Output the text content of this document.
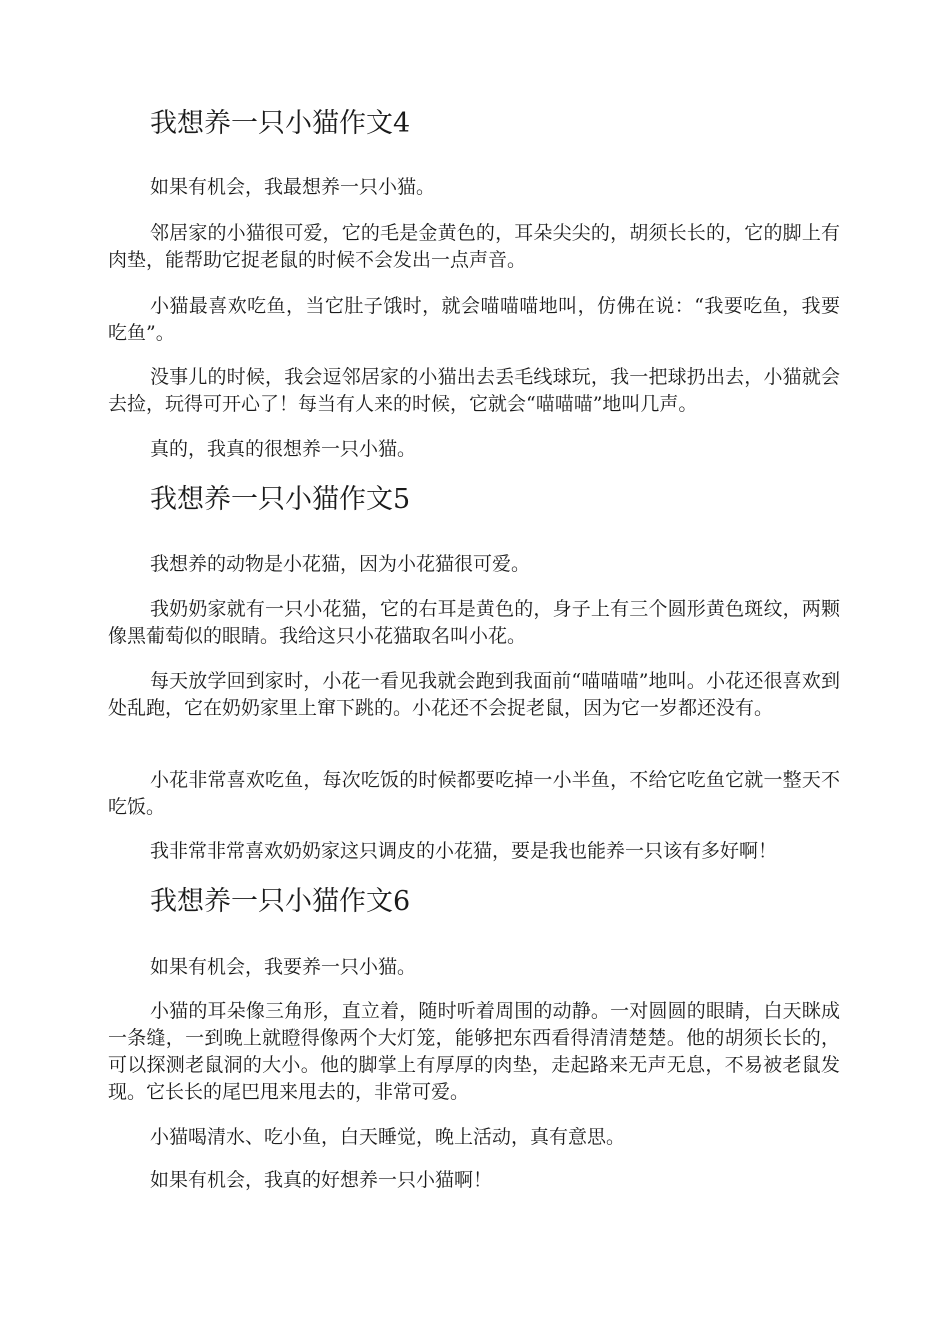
我想养一只小猫作文4

如果有机会，我最想养一只小猫。

邻居家的小猫很可爱，它的毛是金黄色的，耳朵尖尖的，胡须长长的，它的脚上有肉垫，能帮助它捉老鼠的时候不会发出一点声音。

小猫最喜欢吃鱼，当它肚子饿时，就会喵喵喵地叫，仿佛在说：“我要吃鱼，我要吃鱼”。

没事儿的时候，我会逗邻居家的小猫出去丢毛线球玩，我一把球扔出去，小猫就会去捡，玩得可开心了！每当有人来的时候，它就会“喵喵喵”地叫几声。

真的，我真的很想养一只小猫。

我想养一只小猫作文5

我想养的动物是小花猫，因为小花猫很可爱。

我奶奶家就有一只小花猫，它的右耳是黄色的，身子上有三个圆形黄色斑纹，两颗像黑葡萄似的眼睛。我给这只小花猫取名叫小花。

每天放学回到家时，小花一看见我就会跑到我面前“喵喵喵”地叫。小花还很喜欢到处乱跑，它在奶奶家里上窜下跳的。小花还不会捉老鼠，因为它一岁都还没有。

小花非常喜欢吃鱼，每次吃饭的时候都要吃掉一小半鱼，不给它吃鱼它就一整天不吃饭。

我非常非常喜欢奶奶家这只调皮的小花猫，要是我也能养一只该有多好啊！

我想养一只小猫作文6

如果有机会，我要养一只小猫。

小猫的耳朵像三角形，直立着，随时听着周围的动静。一对圆圆的眼睛，白天眯成一条缝，一到晚上就瞪得像两个大灯笼，能够把东西看得清清楚楚。他的胡须长长的，可以探测老鼠洞的大小。他的脚掌上有厚厚的肉垫，走起路来无声无息，不易被老鼠发现。它长长的尾巴甩来甩去的，非常可爱。

小猫喝清水、吃小鱼，白天睡觉，晚上活动，真有意思。

如果有机会，我真的好想养一只小猫啊！
